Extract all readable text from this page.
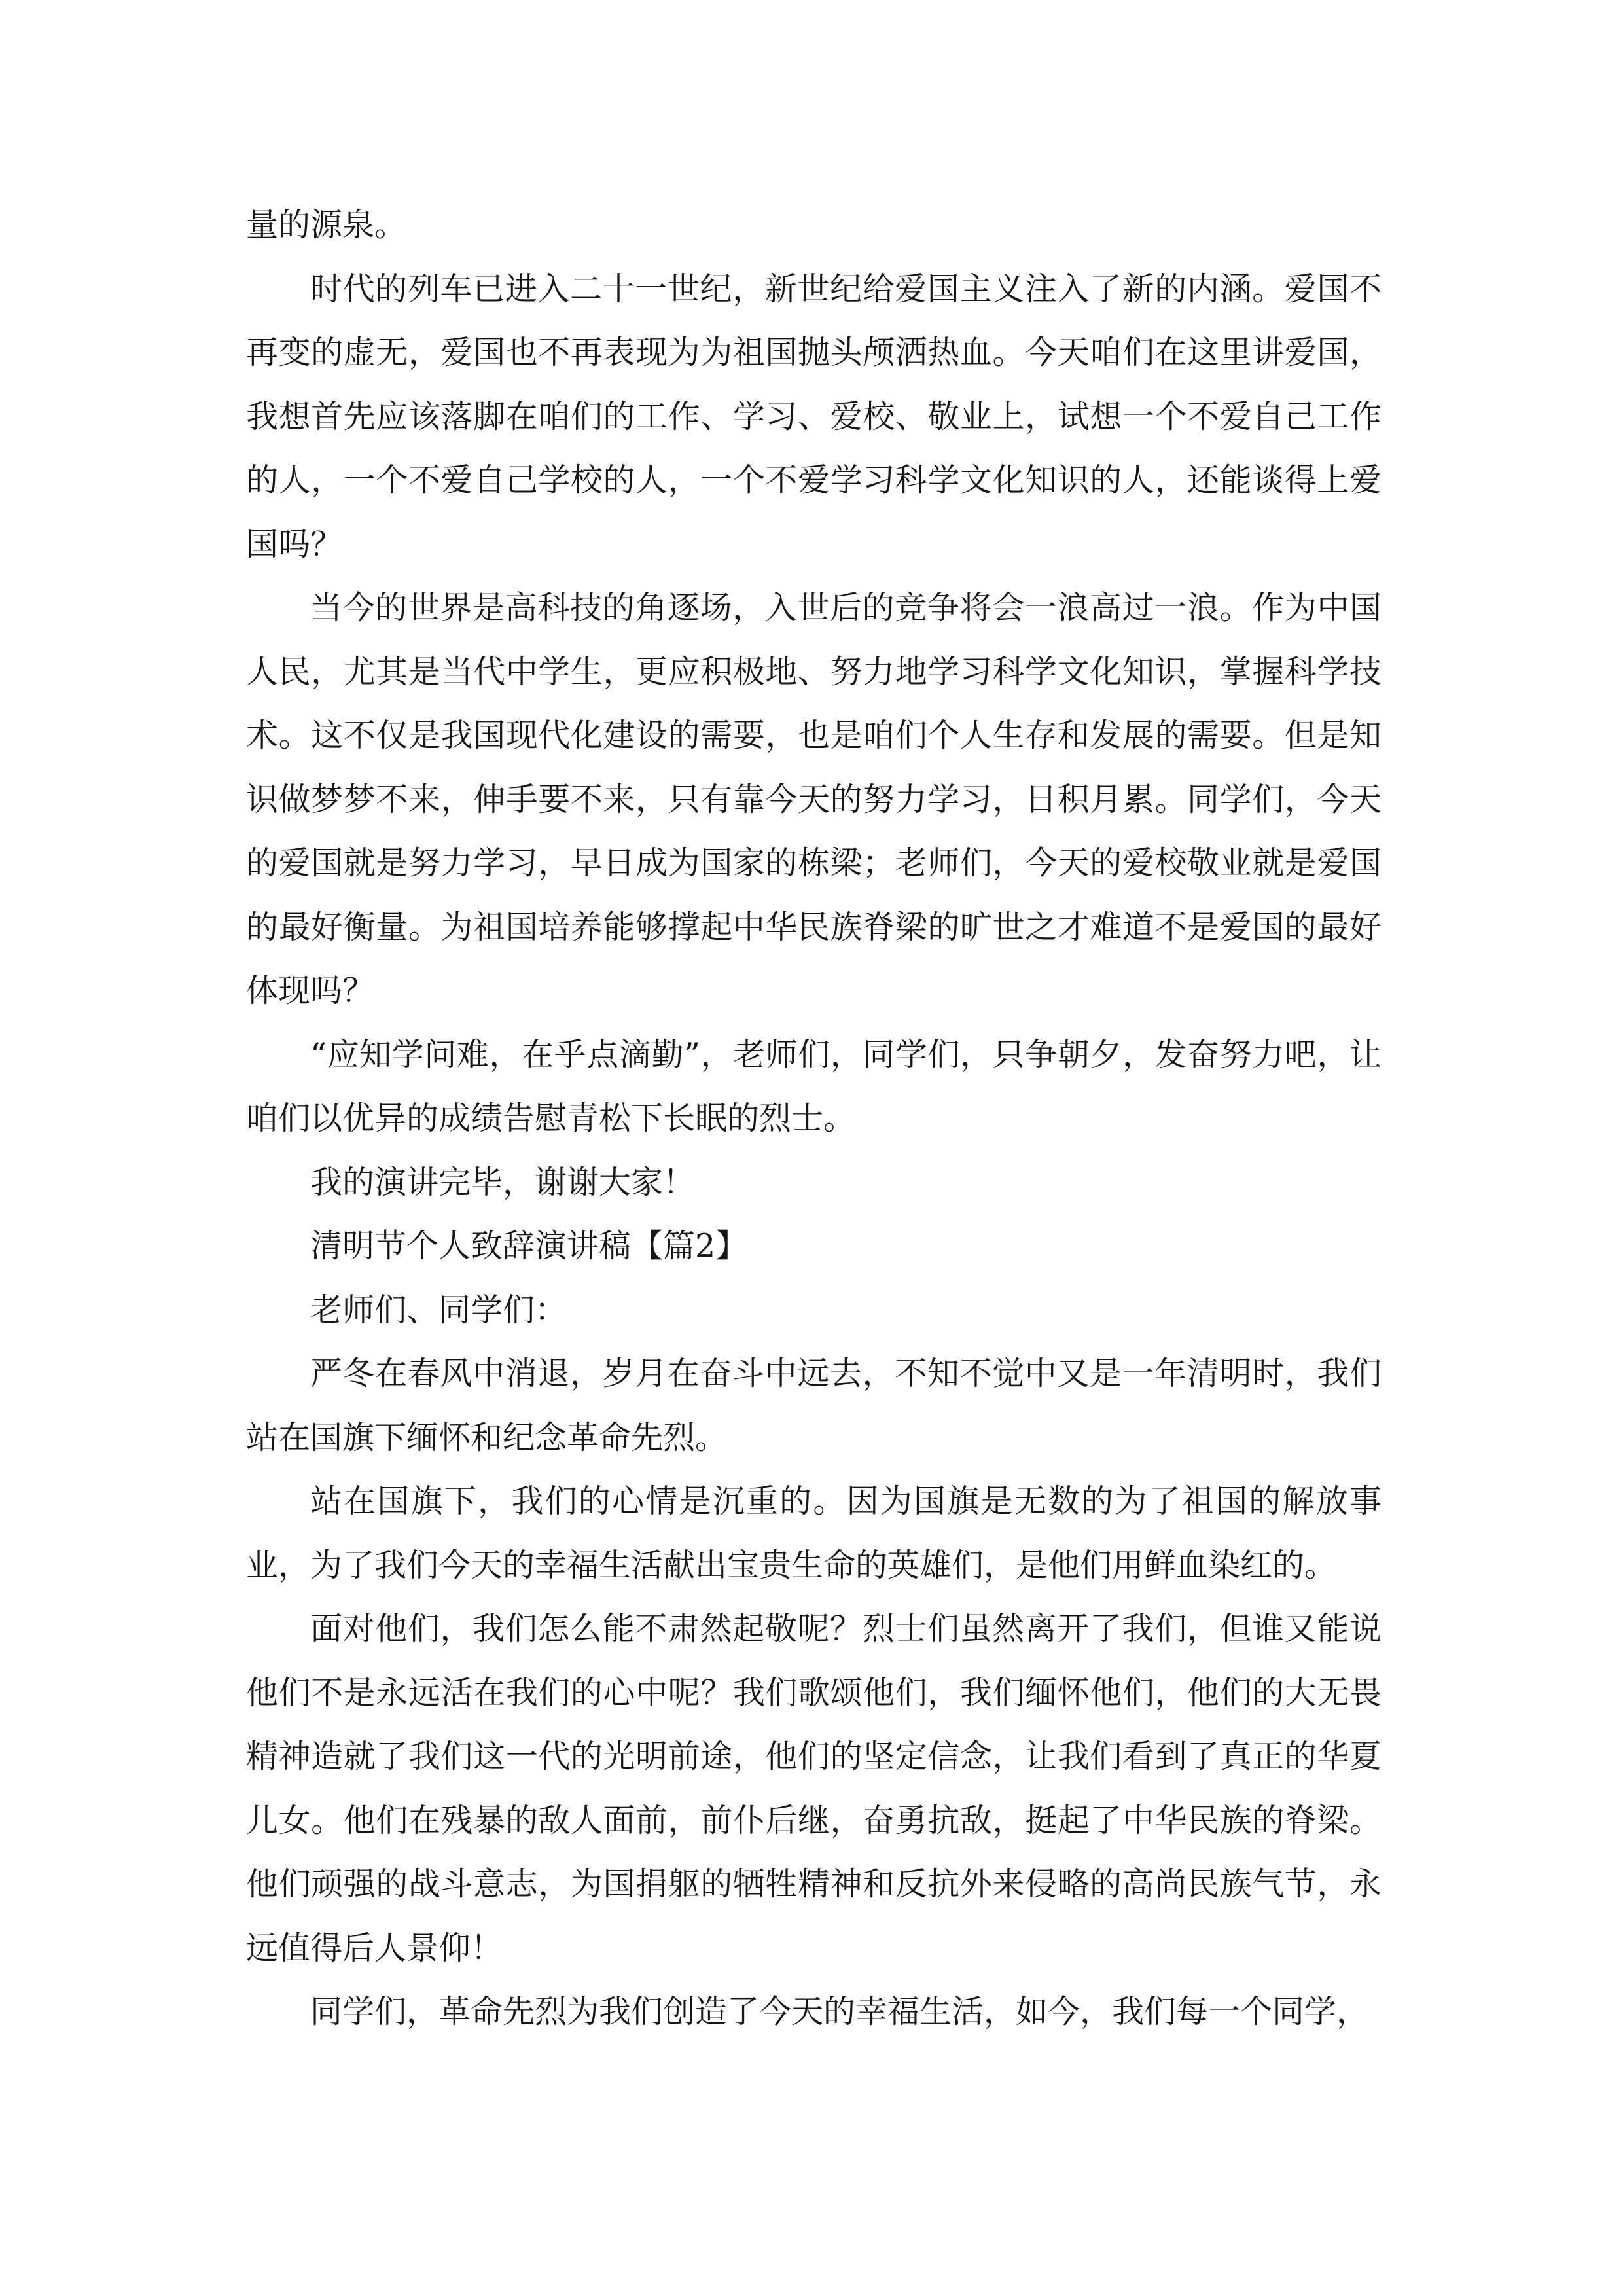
量的源泉。

时代的列车已进入二十一世纪，新世纪给爱国主义注入了新的内涵。爱国不再变的虚无，爱国也不再表现为为祖国抛头颅洒热血。今天咱们在这里讲爱国，我想首先应该落脚在咱们的工作、学习、爱校、敬业上，试想一个不爱自己工作的人，一个不爱自己学校的人，一个不爱学习科学文化知识的人，还能谈得上爱国吗？

当今的世界是高科技的角逐场，入世后的竞争将会一浪高过一浪。作为中国人民，尤其是当代中学生，更应积极地、努力地学习科学文化知识，掌握科学技术。这不仅是我国现代化建设的需要，也是咱们个人生存和发展的需要。但是知识做梦梦不来，伸手要不来，只有靠今天的努力学习，日积月累。同学们，今天的爱国就是努力学习，早日成为国家的栋梁；老师们，今天的爱校敬业就是爱国的最好衡量。为祖国培养能够撑起中华民族脊梁的旷世之才难道不是爱国的最好体现吗？

“应知学问难，在乎点滴勤”，老师们，同学们，只争朝夕，发奋努力吧，让咱们以优异的成绩告慰青松下长眠的烈士。

我的演讲完毕，谢谢大家！

清明节个人致辞演讲稿【篇2】

老师们、同学们：

严冬在春风中消退，岁月在奋斗中远去，不知不觉中又是一年清明时，我们站在国旗下缅怀和纪念革命先烈。

站在国旗下，我们的心情是沉重的。因为国旗是无数的为了祖国的解放事业，为了我们今天的幸福生活献出宝贵生命的英雄们，是他们用鲜血染红的。

面对他们，我们怎么能不肃然起敬呢？烈士们虽然离开了我们，但谁又能说他们不是永远活在我们的心中呢？我们歌颂他们，我们缅怀他们，他们的大无畏精神造就了我们这一代的光明前途，他们的坚定信念，让我们看到了真正的华夏儿女。他们在残暴的敌人面前，前仆后继，奋勇抗敌，挺起了中华民族的脊梁。他们顽强的战斗意志，为国捐躯的牺牲精神和反抗外来侵略的高尚民族气节，永远值得后人景仰！

同学们，革命先烈为我们创造了今天的幸福生活，如今，我们每一个同学，
